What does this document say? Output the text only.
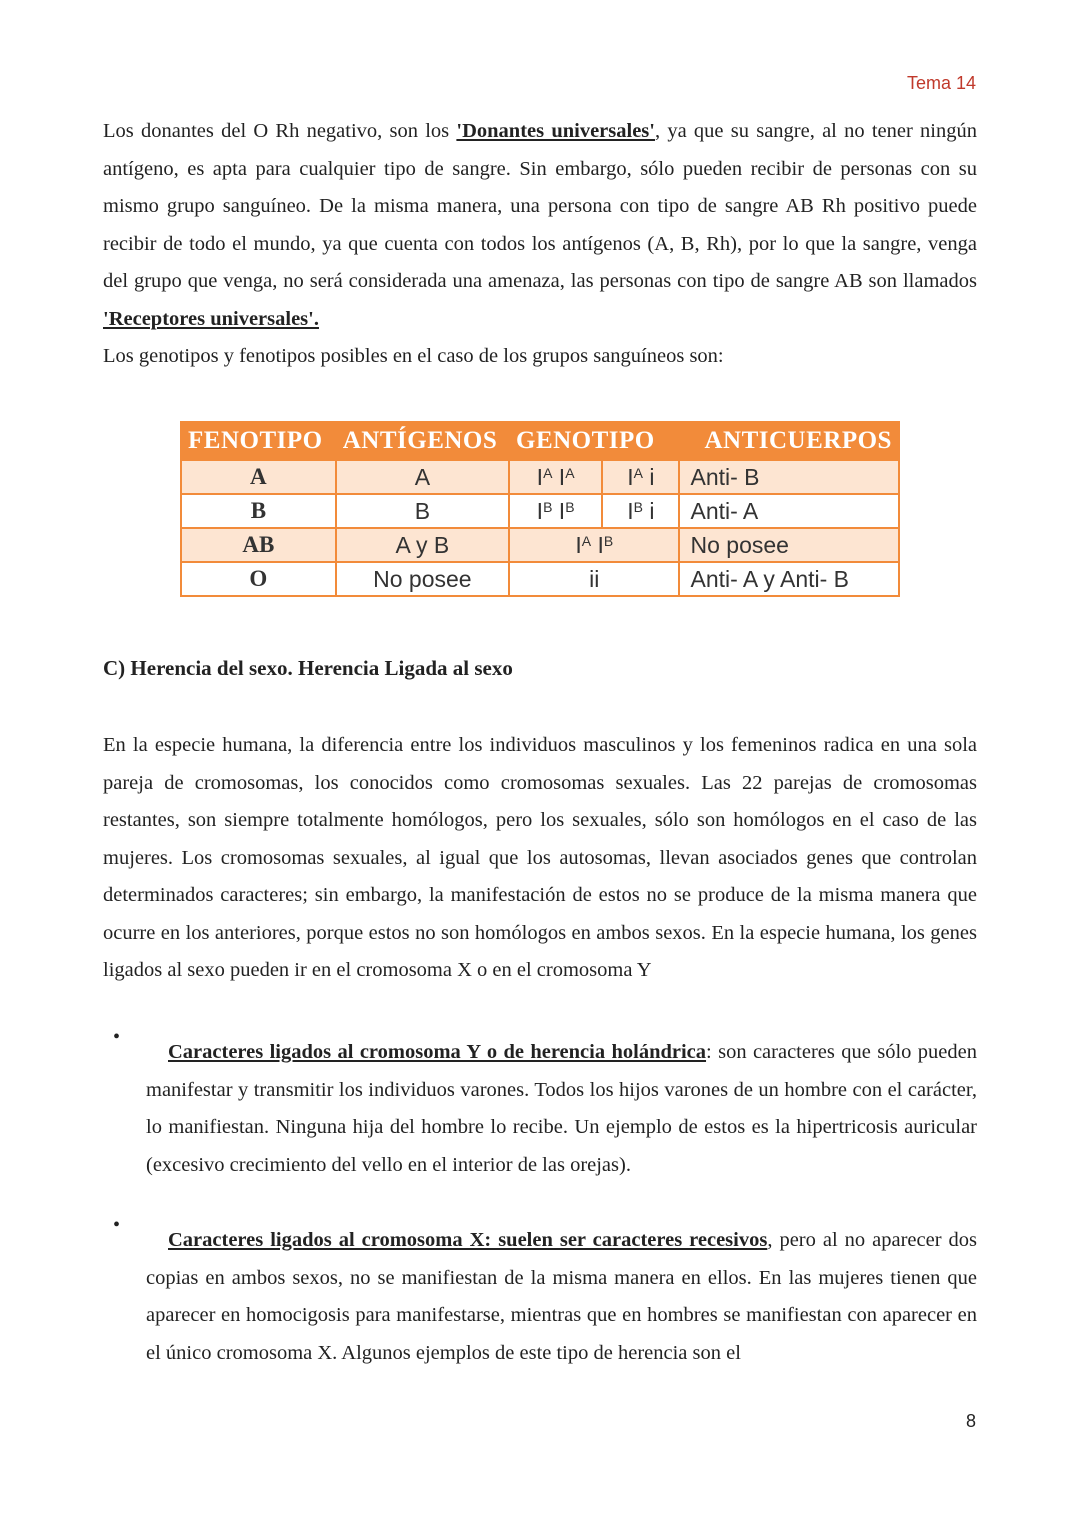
Tema 14
Los donantes del O Rh negativo, son los 'Donantes universales', ya que su sangre, al no tener ningún antígeno, es apta para cualquier tipo de sangre. Sin embargo, sólo pueden recibir de personas con su mismo grupo sanguíneo. De la misma manera, una persona con tipo de sangre AB Rh positivo puede recibir de todo el mundo, ya que cuenta con todos los antígenos (A, B, Rh), por lo que la sangre, venga del grupo que venga, no será considerada una amenaza, las personas con tipo de sangre AB son llamados 'Receptores universales'.
Los genotipos y fenotipos posibles en el caso de los grupos sanguíneos son:
FENOTIPO	ANTÍGENOS	GENOTIPO		ANTICUERPOS
A	A	$I^A$ $I^A$	$I^A$ i	Anti- B
B	B	$I^B$ $I^B$	$I^B$ i	Anti- A
AB	A y B	$I^A$ $I^B$		No posee
O	No posee	ii		Anti- A y Anti- B
C) Herencia del sexo. Herencia Ligada al sexo
En la especie humana, la diferencia entre los individuos masculinos y los femeninos radica en una sola pareja de cromosomas, los conocidos como cromosomas sexuales. Las 22 parejas de cromosomas restantes, son siempre totalmente homólogos, pero los sexuales, sólo son homólogos en el caso de las mujeres. Los cromosomas sexuales, al igual que los autosomas, llevan asociados genes que controlan determinados caracteres; sin embargo, la manifestación de estos no se produce de la misma manera que ocurre en los anteriores, porque estos no son homólogos en ambos sexos. En la especie humana, los genes ligados al sexo pueden ir en el cromosoma X o en el cromosoma Y
•
Caracteres ligados al cromosoma Y o de herencia holándrica: son caracteres que sólo pueden manifestar y transmitir los individuos varones. Todos los hijos varones de un hombre con el carácter, lo manifiestan. Ninguna hija del hombre lo recibe. Un ejemplo de estos es la hipertricosis auricular (excesivo crecimiento del vello en el interior de las orejas).
•
Caracteres ligados al cromosoma X: suelen ser caracteres recesivos, pero al no aparecer dos copias en ambos sexos, no se manifiestan de la misma manera en ellos. En las mujeres tienen que aparecer en homocigosis para manifestarse, mientras que en hombres se manifiestan con aparecer en el único cromosoma X. Algunos ejemplos de este tipo de herencia son el
8
